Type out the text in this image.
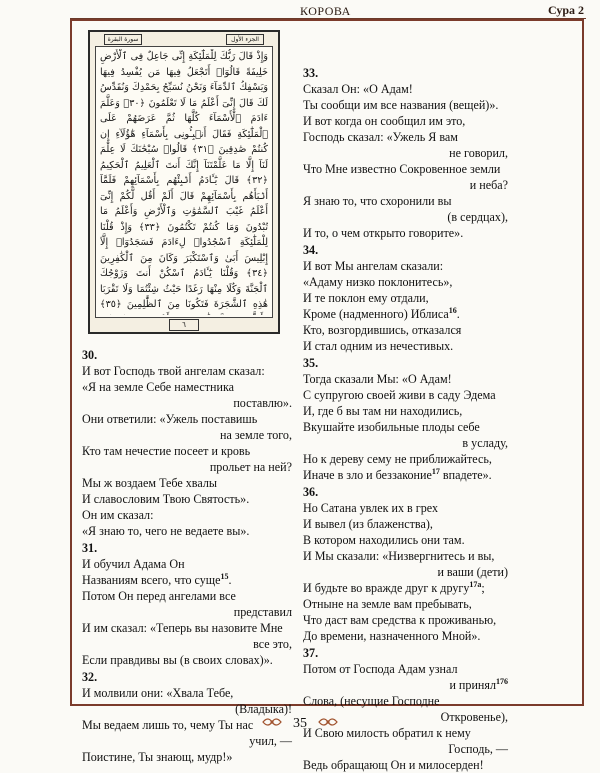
КОРОВА	Сура 2
سورة البقرة	الجزء الأول
وَإِذْ قَالَ رَبُّكَ لِلْمَلَٰٓئِكَةِ إِنِّى جَاعِلٌ فِى ٱلْأَرْضِ خَلِيفَةً قَالُوٓا۟ أَتَجْعَلُ فِيهَا مَن يُفْسِدُ فِيهَا وَيَسْفِكُ ٱلدِّمَآءَ وَنَحْنُ نُسَبِّحُ بِحَمْدِكَ وَنُقَدِّسُ لَكَ قَالَ إِنِّىٓ أَعْلَمُ مَا لَا تَعْلَمُونَ ﴿٣٠﴾ وَعَلَّمَ ءَادَمَ ٱلْأَسْمَآءَ كُلَّهَا ثُمَّ عَرَضَهُمْ عَلَى ٱلْمَلَٰٓئِكَةِ فَقَالَ أَنۢبِـُٔونِى بِأَسْمَآءِ هَٰٓؤُلَآءِ إِن كُنتُمْ صَٰدِقِينَ ﴿٣١﴾ قَالُوا۟ سُبْحَٰنَكَ لَا عِلْمَ لَنَآ إِلَّا مَا عَلَّمْتَنَآ إِنَّكَ أَنتَ ٱلْعَلِيمُ ٱلْحَكِيمُ ﴿٣٢﴾ قَالَ يَٰٓـَٔادَمُ أَنۢبِئْهُم بِأَسْمَآئِهِمْ فَلَمَّآ أَنۢبَأَهُم بِأَسْمَآئِهِمْ قَالَ أَلَمْ أَقُل لَّكُمْ إِنِّىٓ أَعْلَمُ غَيْبَ ٱلسَّمَٰوَٰتِ وَٱلْأَرْضِ وَأَعْلَمُ مَا تُبْدُونَ وَمَا كُنتُمْ تَكْتُمُونَ ﴿٣٣﴾ وَإِذْ قُلْنَا لِلْمَلَٰٓئِكَةِ ٱسْجُدُوا۟ لِءَادَمَ فَسَجَدُوٓا۟ إِلَّآ إِبْلِيسَ أَبَىٰ وَٱسْتَكْبَرَ وَكَانَ مِنَ ٱلْكَٰفِرِينَ ﴿٣٤﴾ وَقُلْنَا يَٰٓـَٔادَمُ ٱسْكُنْ أَنتَ وَزَوْجُكَ ٱلْجَنَّةَ وَكُلَا مِنْهَا رَغَدًا حَيْثُ شِئْتُمَا وَلَا تَقْرَبَا هَٰذِهِ ٱلشَّجَرَةَ فَتَكُونَا مِنَ ٱلظَّٰلِمِينَ ﴿٣٥﴾
٦
30.
И вот Господь твой ангелам сказал:
«Я на земле Себе наместника
поставлю».
Они ответили: «Ужель поставишь
на земле того,
Кто там нечестие посеет и кровь
прольет на ней?
Мы ж воздаем Тебе хвалы
И славословим Твою Святость».
Он им сказал:
«Я знаю то, чего не ведаете вы».
31.
И обучил Адама Он
Названиям всего, что суще$^{15}$.
Потом Он перед ангелами все
представил
И им сказал: «Теперь вы назовите Мне
все это,
Если правдивы вы (в своих словах)».
32.
И молвили они: «Хвала Тебе,
(Владыка)!
Мы ведаем лишь то, чему Ты нас
учил, —
Поистине, Ты знающ, мудр!»
33.
Сказал Он: «О Адам!
Ты сообщи им все названия (вещей)».
И вот когда он сообщил им это,
Господь сказал: «Ужель Я вам
не говорил,
Что Мне известно Сокровенное земли
и неба?
Я знаю то, что схоронили вы
(в сердцах),
И то, о чем открыто говорите».
34.
И вот Мы ангелам сказали:
«Адаму низко поклонитесь»,
И те поклон ему отдали,
Кроме (надменного) Иблиса$^{16}$.
Кто, возгордившись, отказался
И стал одним из нечестивых.
35.
Тогда сказали Мы: «О Адам!
С супругою своей живи в саду Эдема
И, где б вы там ни находились,
Вкушайте изобильные плоды себе
в усладу,
Но к дереву сему не приближайтесь,
Иначе в зло и беззаконие$^{17}$ впадете».
36.
Но Сатана увлек их в грех
И вывел (из блаженства),
В котором находились они там.
И Мы сказали: «Низвергнитесь и вы,
и ваши (дети)
И будьте во вражде друг к другу$^{17а}$;
Отныне на земле вам пребывать,
Что даст вам средства к проживанью,
До времени, назначенного Мной».
37.
Потом от Господа Адам узнал
и принял$^{176}$
Слова, (несущие Господне
Откровенье),
И Свою милость обратил к нему
Господь, —
Ведь обращающ Он и милосерден!
35
